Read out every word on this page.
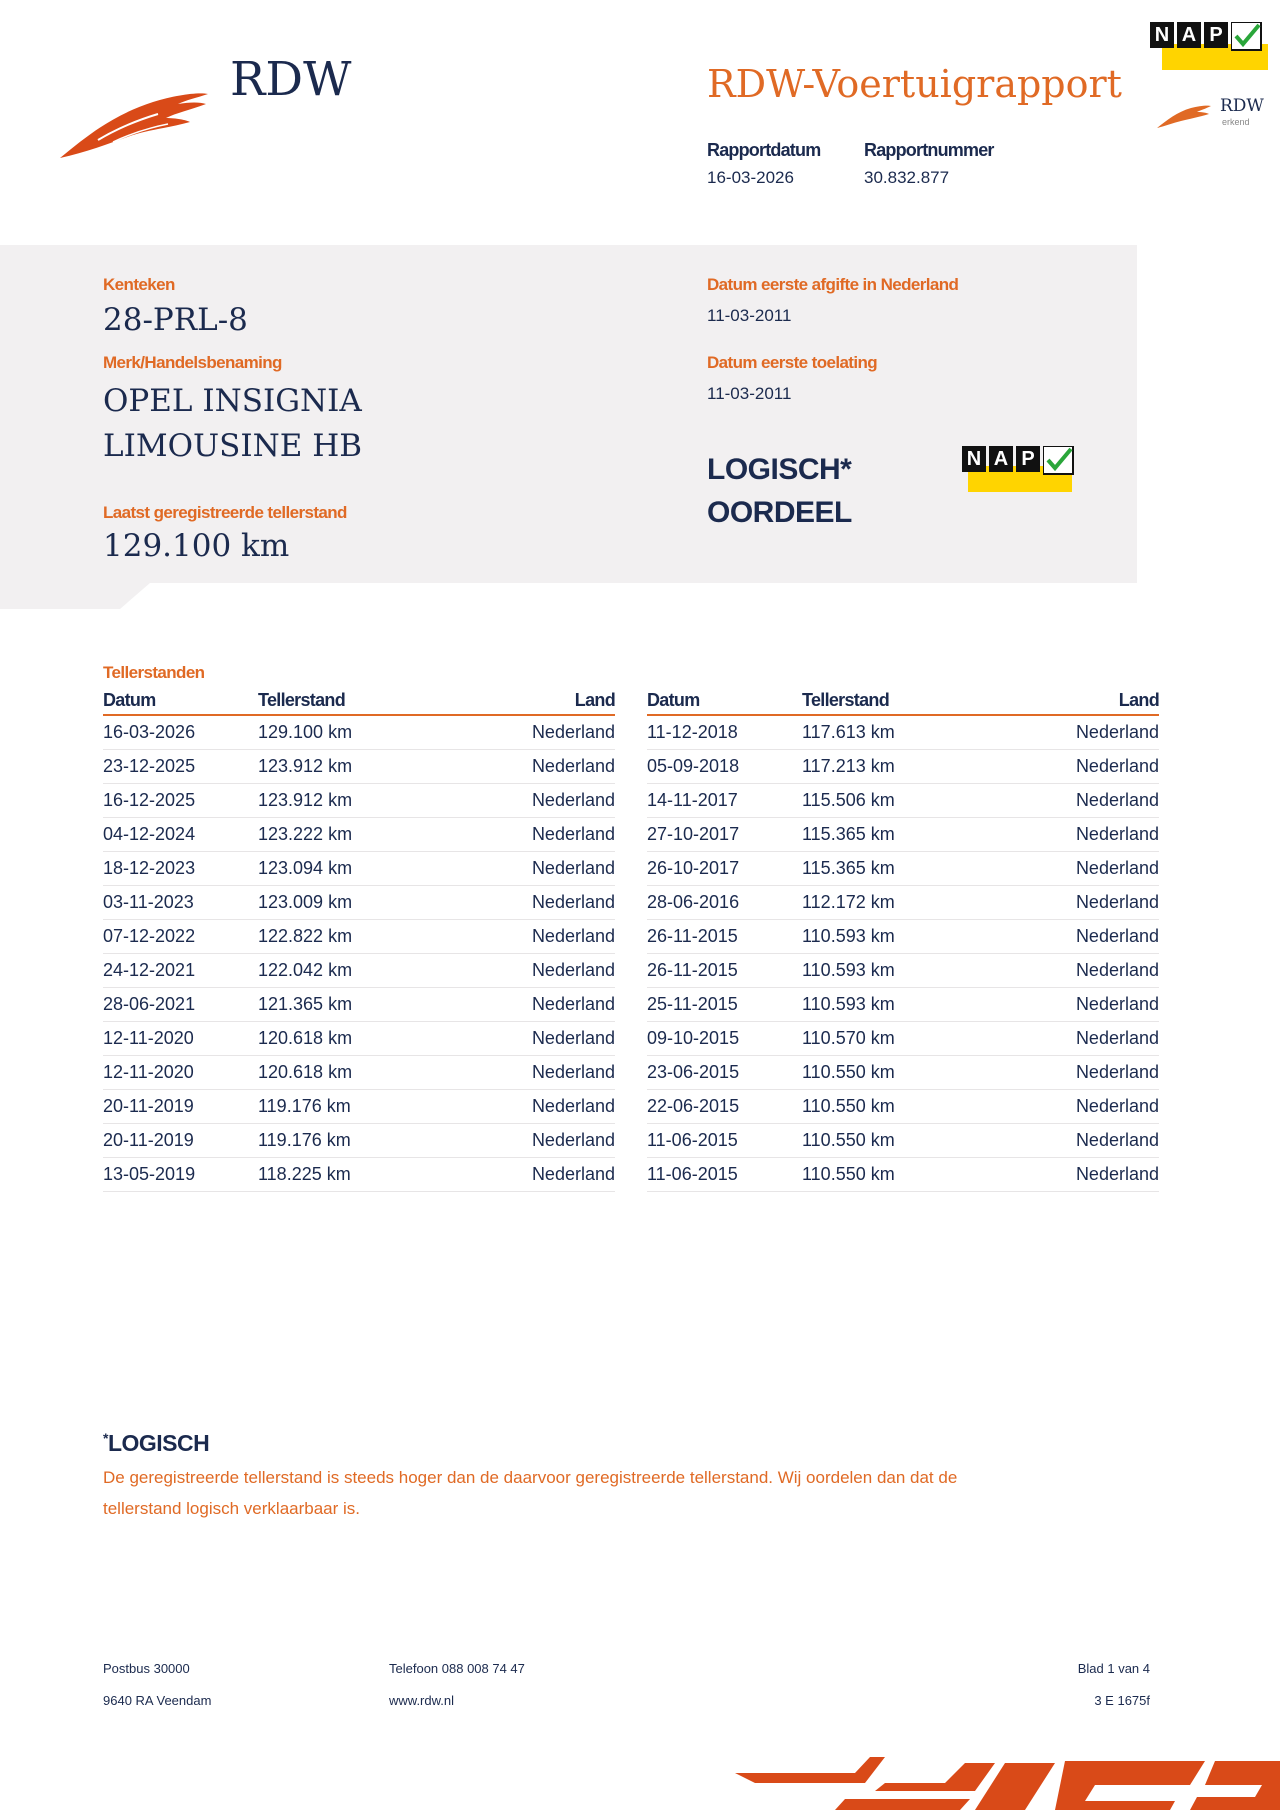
RDW	RDW-Voertuigrapport
N A P
RDW
erkend
Rapportdatum
16-03-2026
Rapportnummer
30.832.877
Kenteken
28-PRL-8
Merk/Handelsbenaming
OPEL INSIGNIA
LIMOUSINE HB
Laatst geregistreerde tellerstand
129.100 km
Datum eerste afgifte in Nederland
11-03-2011
Datum eerste toelating
11-03-2011
LOGISCH*
OORDEEL
N A P
Tellerstanden
Datum	Tellerstand	Land
16-03-2026	129.100 km	Nederland
23-12-2025	123.912 km	Nederland
16-12-2025	123.912 km	Nederland
04-12-2024	123.222 km	Nederland
18-12-2023	123.094 km	Nederland
03-11-2023	123.009 km	Nederland
07-12-2022	122.822 km	Nederland
24-12-2021	122.042 km	Nederland
28-06-2021	121.365 km	Nederland
12-11-2020	120.618 km	Nederland
12-11-2020	120.618 km	Nederland
20-11-2019	119.176 km	Nederland
20-11-2019	119.176 km	Nederland
13-05-2019	118.225 km	Nederland
Datum	Tellerstand	Land
11-12-2018	117.613 km	Nederland
05-09-2018	117.213 km	Nederland
14-11-2017	115.506 km	Nederland
27-10-2017	115.365 km	Nederland
26-10-2017	115.365 km	Nederland
28-06-2016	112.172 km	Nederland
26-11-2015	110.593 km	Nederland
26-11-2015	110.593 km	Nederland
25-11-2015	110.593 km	Nederland
09-10-2015	110.570 km	Nederland
23-06-2015	110.550 km	Nederland
22-06-2015	110.550 km	Nederland
11-06-2015	110.550 km	Nederland
11-06-2015	110.550 km	Nederland
*LOGISCH
De geregistreerde tellerstand is steeds hoger dan de daarvoor geregistreerde tellerstand. Wij oordelen dan dat de
tellerstand logisch verklaarbaar is.
Postbus 30000
9640 RA Veendam
Telefoon 088 008 74 47
www.rdw.nl
Blad 1 van 4
3 E 1675f
